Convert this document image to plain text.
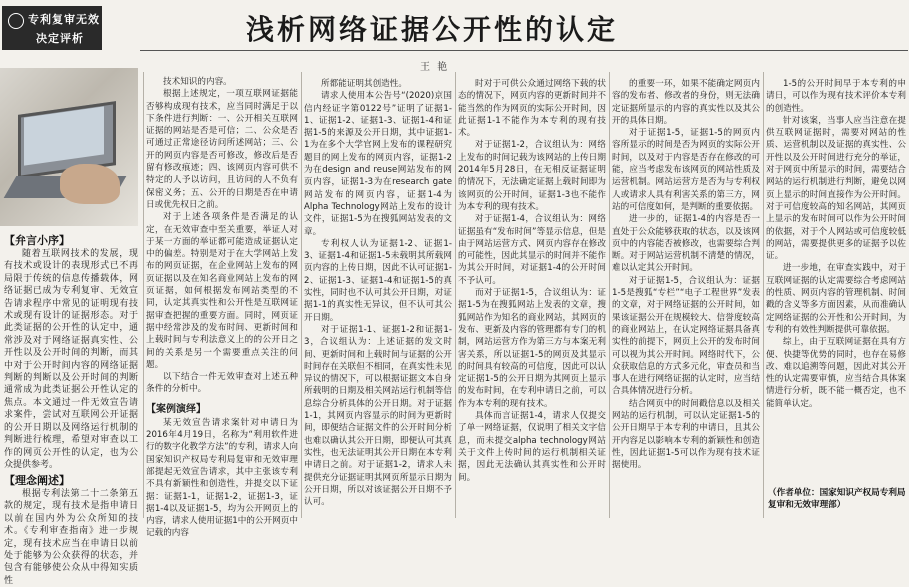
专利复审无效
决定评析	浅析网络证据公开性的认定
王 艳
【弁言小序】
随着互联网技术的发展，现有技术或设计的表现形式已不再局限于传统的信息传播载体，网络证据已成为专利复审、无效宣告请求程序中常见的证明现有技术或现有设计的证据形态。对于此类证据的公开性的认定中，通常涉及对于网络证据真实性、公开性以及公开时间的判断，而其中对于公开时间内容的网络证据判断的判断以及公开时间的判断通常成为此类证据公开性认定的焦点。本文通过一件无效宣告请求案件，尝试对互联网公开证据的公开日期以及网络运行机制的判断进行梳理，希望对审查以工作的网页公开性的认定，也为公众提供参考。
【理念阐述】
根据专利法第二十二条第五款的规定，现有技术是指申请日以前在国内外为公众所知的技术。《专利审查指南》进一步规定，现有技术应当在申请日以前处于能够为公众获得的状态，并包含有能够使公众从中得知实质性

技术知识的内容。

根据上述规定，一项互联网证据能否够构成现有技术，应当同时满足于以下条件进行判断：一、公开相关互联网证据的网站是否是可信；二、公众是否可通过正常途径访问所述网站；三、公开的网页内容是否可修改，修改后是否留有修改痕迹；四、该网页内容可供不特定的人予以访问，且访问的人不负有保密义务；五、公开的日期是否在申请日或优先权日之前。

对于上述各项条件是否满足的认定，在无效审查中至关重要，举证人对于某一方面的举证都可能造成证据认定中的偏差。特别是对于在大学网站上发布的网页证据，在企业网站上发布的网页证据以及在知名商业网站上发布的网页证据，如何根据发布网站类型的不同，认定其真实性和公开性是互联网证据审查把握的重要方面。同时，网页证据中经常涉及的发布时间、更新时间和上载时间与专利法意义上的的公开日之间的关系是另一个需要重点关注的问题。

以下结合一件无效审查对上述五种条件的分析中。

【案例演绎】

某无效宣告请求案针对申请日为2016年4月19日，名称为“利用软件进行的数字化教学方法”的专利，请求人向国家知识产权局专利局复审和无效审理部提起无效宣告请求，其中主张该专利不具有新颖性和创造性，并提交以下证据：证据1-1，证据1-2，证据1-3，证据1-4以及证据1-5，均为公开网页上的内容，请求人使用证据1中的公开网页中记载的内容

所都能证明其创造性。

请求人使用本公告号“(2020)京国信内经证字第0122号”证明了证据1-1、证据1-2、证据1-3、证据1-4和证据1-5的来源及公开日期，其中证据1-1为在多个大学官网上发布的课程研究题目的网上发布的网页内容，证据1-2为在design and reuse网站发布的网页内容，证据1-3为在research gate网站发布的网页内容，证据1-4为Alpha Technology网站上发布的设计文件，证据1-5为在搜狐网站发表的文章。

专利权人认为证据1-2、证据1-3、证据1-4和证据1-5未载明其所载网页内容的上传日期，因此不认可证据1-2、证据1-3、证据1-4和证据1-5的真实性，同时也不认可其公开日期，对证据1-1的真实性无异议，但不认可其公开日期。

对于证据1-1、证据1-2和证据1-3，合议组认为：上述证据的发文时间、更新时间和上载时间与证据的公开时间存在关联但不相同，在真实性未见异议的情况下，可以根据证据文本自身所载明的日期及相关网站运行机制等信息综合分析具体的公开日期。对于证据1-1，其网页内容显示的时间为更新时间，即便结合证据文件的公开时间分析也难以确认其公开日期，即便认可其真实性，也无法证明其公开日期在本专利申请日之前。对于证据1-2，请求人未提供充分证据证明其网页所显示日期为公开日期，所以对该证据公开日期不予认可。

时对于可供公众通过网络下载的状态的情况下，网页内容的更新时间并不能当然的作为网页的实际公开时间，因此证据1-1不能作为本专利的现有技术。

对于证据1-2，合议组认为：网络上发布的时间记载为该网站的上传日期2014年5月28日，在无相反证据证明的情况下，无法确定证据上载时间即为该网页的公开时间，证据1-3也不能作为本专利的现有技术。

对于证据1-4，合议组认为：网络证据虽有“发布时间”等显示信息，但是由于网站运营方式、网页内容存在修改的可能性，因此其显示的时间并不能作为其公开时间，对证据1-4的公开时间不予认可。

而对于证据1-5，合议组认为：证据1-5为在搜狐网站上发表的文章，搜狐网站作为知名的商业网站，其网页的发布、更新及内容的管理都有专门的机制，网站运营方作为第三方与本案无利害关系，所以证据1-5的网页及其显示的时间具有较高的可信度，因此可以认定证据1-5的公开日期为其网页上显示的发布时间，在专利申请日之前，可以作为本专利的现有技术。

具体而言证据1-4，请求人仅提交了单一网络证据，仅说明了相关文字信息，而未提交alpha technology网站关于文件上传时间的运行机制相关证据，因此无法确认其真实性和公开时间。

的重要一环，如果不能确定网页内容的发布者、修改者的身份，则无法确定证据所显示的内容的真实性以及其公开的具体日期。

对于证据1-5，证据1-5的网页内容所显示的时间是否为网页的实际公开时间，以及对于内容是否存在修改的可能，应当考虑发布该网页的网站性质及运营机制。网站运营方是否为与专利权人或请求人具有利害关系的第三方，网站的可信度如何，是判断的重要依据。

进一步的，证据1-4的内容是否一直处于公众能够获取的状态，以及该网页中的内容能否被修改，也需要综合判断。对于网站运营机制不清楚的情况，难以认定其公开时间。

对于证据1-5，合议组认为：证据1-5是搜狐“专栏”“电子工程世界”发表的文章，对于网络证据的公开时间，如果该证据公开在规模较大、信誉度较高的商业网站上，在认定网络证据具备真实性的前提下，网页上公开的发布时间可以视为其公开时间。网络时代下，公众获取信息的方式多元化，审查员和当事人在进行网络证据的认定时，应当结合具体情况进行分析。

结合网页中的时间戳信息以及相关网站的运行机制，可以认定证据1-5的公开日期早于本专利的申请日，且其公开内容足以影响本专利的新颖性和创造性，因此证据1-5可以作为现有技术证据使用。

1-5的公开时间早于本专利的申请日，可以作为现有技术评价本专利的创造性。

针对该案，当事人应当注意在提供互联网证据时，需要对网站的性质、运营机制以及证据的真实性、公开性以及公开时间进行充分的举证，对于网页中所显示的时间，需要结合网站的运行机制进行判断，避免以网页上显示的时间直接作为公开时间。对于可信度较高的知名网站，其网页上显示的发布时间可以作为公开时间的依据，对于个人网站或可信度较低的网站，需要提供更多的证据予以佐证。

进一步地，在审查实践中，对于互联网证据的认定需要综合考虑网站的性质、网页内容的管理机制、时间戳的含义等多方面因素，从而准确认定网络证据的公开性和公开时间，为专利的有效性判断提供可靠依据。

综上，由于互联网证据在具有方便、快捷等优势的同时，也存在易修改、难以追溯等问题，因此对其公开性的认定需要审慎，应当结合具体案情进行分析，既不能一概否定，也不能简单认定。

（作者单位：国家知识产权局专利局复审和无效审理部）
